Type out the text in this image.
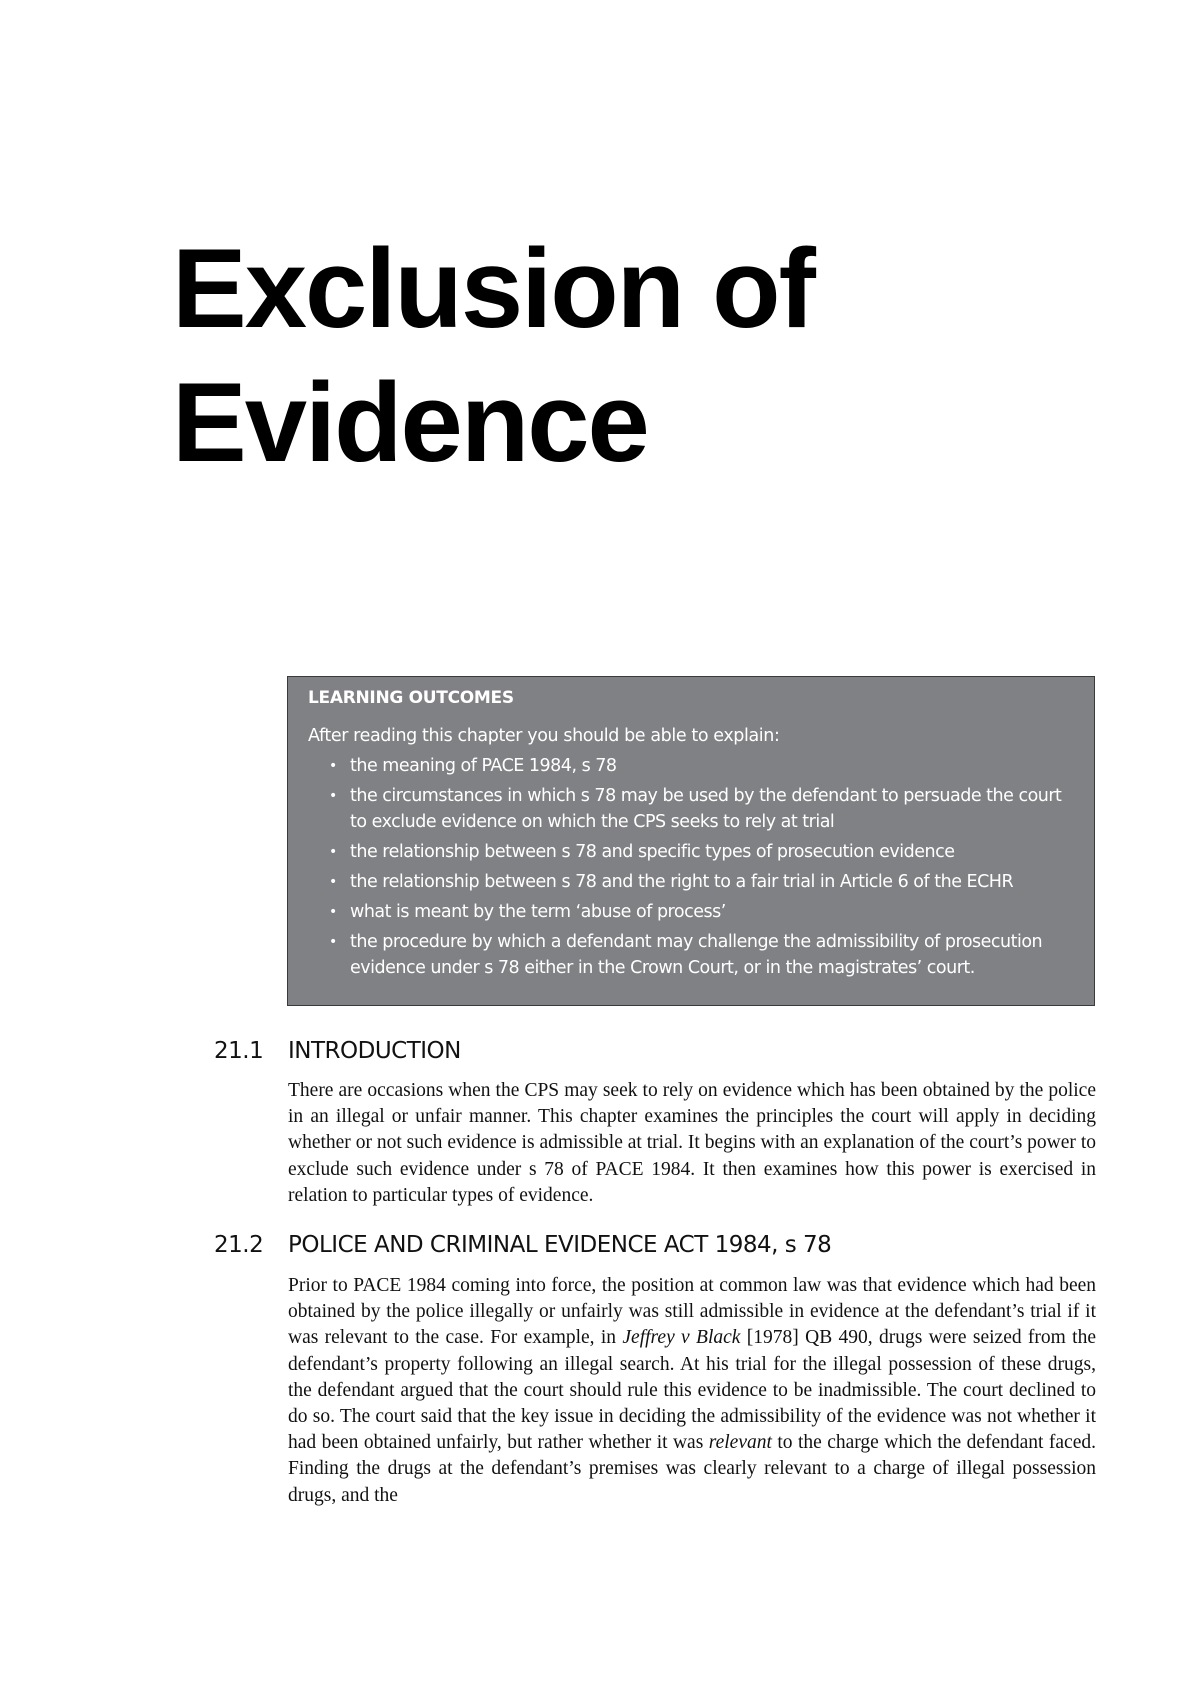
Exclusion of
Evidence
LEARNING OUTCOMES
After reading this chapter you should be able to explain:
• the meaning of PACE 1984, s 78
• the circumstances in which s 78 may be used by the defendant to persuade the court to exclude evidence on which the CPS seeks to rely at trial
• the relationship between s 78 and specific types of prosecution evidence
• the relationship between s 78 and the right to a fair trial in Article 6 of the ECHR
• what is meant by the term ‘abuse of process’
• the procedure by which a defendant may challenge the admissibility of prosecution evidence under s 78 either in the Crown Court, or in the magistrates’ court.
21.1 INTRODUCTION

There are occasions when the CPS may seek to rely on evidence which has been obtained by the police in an illegal or unfair manner. This chapter examines the principles the court will apply in deciding whether or not such evidence is admissible at trial. It begins with an explanation of the court’s power to exclude such evidence under s 78 of PACE 1984. It then examines how this power is exercised in relation to particular types of evidence.

21.2 POLICE AND CRIMINAL EVIDENCE ACT 1984, s 78

Prior to PACE 1984 coming into force, the position at common law was that evidence which had been obtained by the police illegally or unfairly was still admissible in evidence at the defendant’s trial if it was relevant to the case. For example, in Jeffrey v Black [1978] QB 490, drugs were seized from the defendant’s property following an illegal search. At his trial for the illegal possession of these drugs, the defendant argued that the court should rule this evidence to be inadmissible. The court declined to do so. The court said that the key issue in deciding the admissibility of the evidence was not whether it had been obtained unfairly, but rather whether it was relevant to the charge which the defendant faced. Finding the drugs at the defendant’s premises was clearly relevant to a charge of illegal possession drugs, and the
